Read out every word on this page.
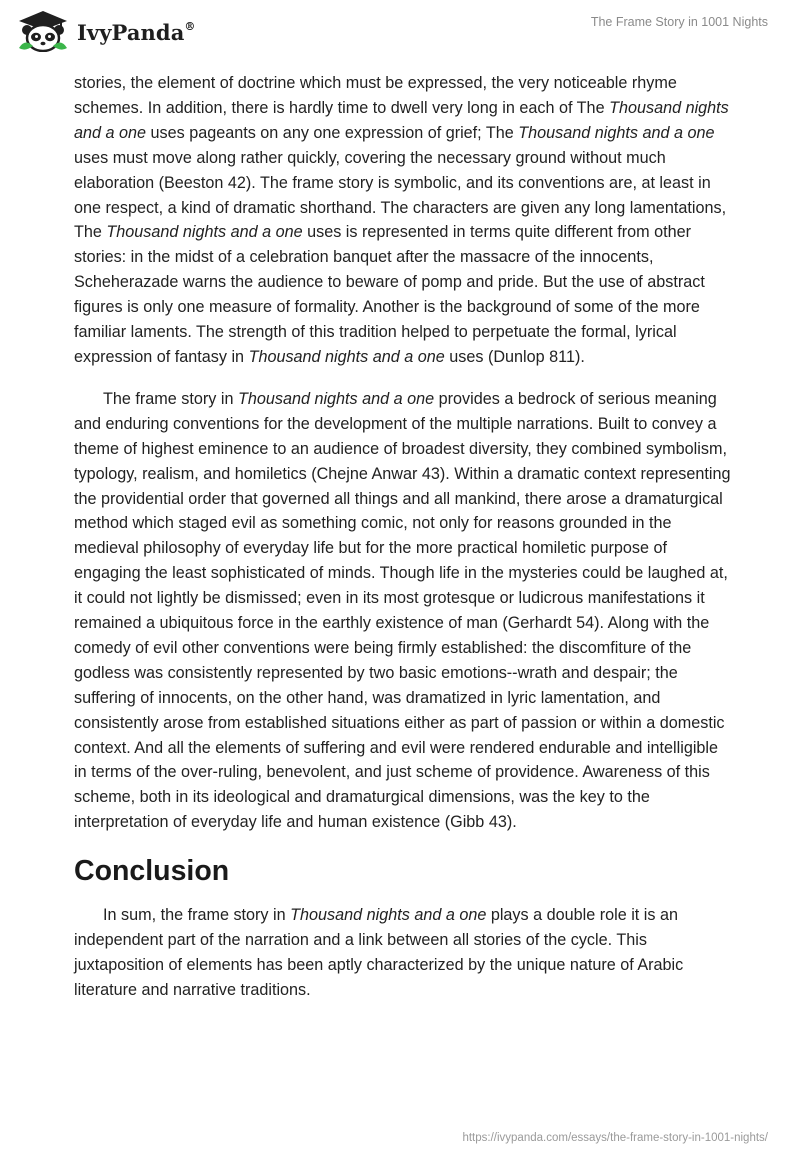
IvyPanda®	The Frame Story in 1001 Nights

stories, the element of doctrine which must be expressed, the very noticeable rhyme schemes. In addition, there is hardly time to dwell very long in each of The Thousand nights and a one uses pageants on any one expression of grief; The Thousand nights and a one uses must move along rather quickly, covering the necessary ground without much elaboration (Beeston 42). The frame story is symbolic, and its conventions are, at least in one respect, a kind of dramatic shorthand. The characters are given any long lamentations, The Thousand nights and a one uses is represented in terms quite different from other stories: in the midst of a celebration banquet after the massacre of the innocents, Scheherazade warns the audience to beware of pomp and pride. But the use of abstract figures is only one measure of formality. Another is the background of some of the more familiar laments. The strength of this tradition helped to perpetuate the formal, lyrical expression of fantasy in Thousand nights and a one uses (Dunlop 811).

The frame story in Thousand nights and a one provides a bedrock of serious meaning and enduring conventions for the development of the multiple narrations. Built to convey a theme of highest eminence to an audience of broadest diversity, they combined symbolism, typology, realism, and homiletics (Chejne Anwar 43). Within a dramatic context representing the providential order that governed all things and all mankind, there arose a dramaturgical method which staged evil as something comic, not only for reasons grounded in the medieval philosophy of everyday life but for the more practical homiletic purpose of engaging the least sophisticated of minds. Though life in the mysteries could be laughed at, it could not lightly be dismissed; even in its most grotesque or ludicrous manifestations it remained a ubiquitous force in the earthly existence of man (Gerhardt 54). Along with the comedy of evil other conventions were being firmly established: the discomfiture of the godless was consistently represented by two basic emotions--wrath and despair; the suffering of innocents, on the other hand, was dramatized in lyric lamentation, and consistently arose from established situations either as part of passion or within a domestic context. And all the elements of suffering and evil were rendered endurable and intelligible in terms of the over-ruling, benevolent, and just scheme of providence. Awareness of this scheme, both in its ideological and dramaturgical dimensions, was the key to the interpretation of everyday life and human existence (Gibb 43).

Conclusion

In sum, the frame story in Thousand nights and a one plays a double role it is an independent part of the narration and a link between all stories of the cycle. This juxtaposition of elements has been aptly characterized by the unique nature of Arabic literature and narrative traditions.

https://ivypanda.com/essays/the-frame-story-in-1001-nights/
